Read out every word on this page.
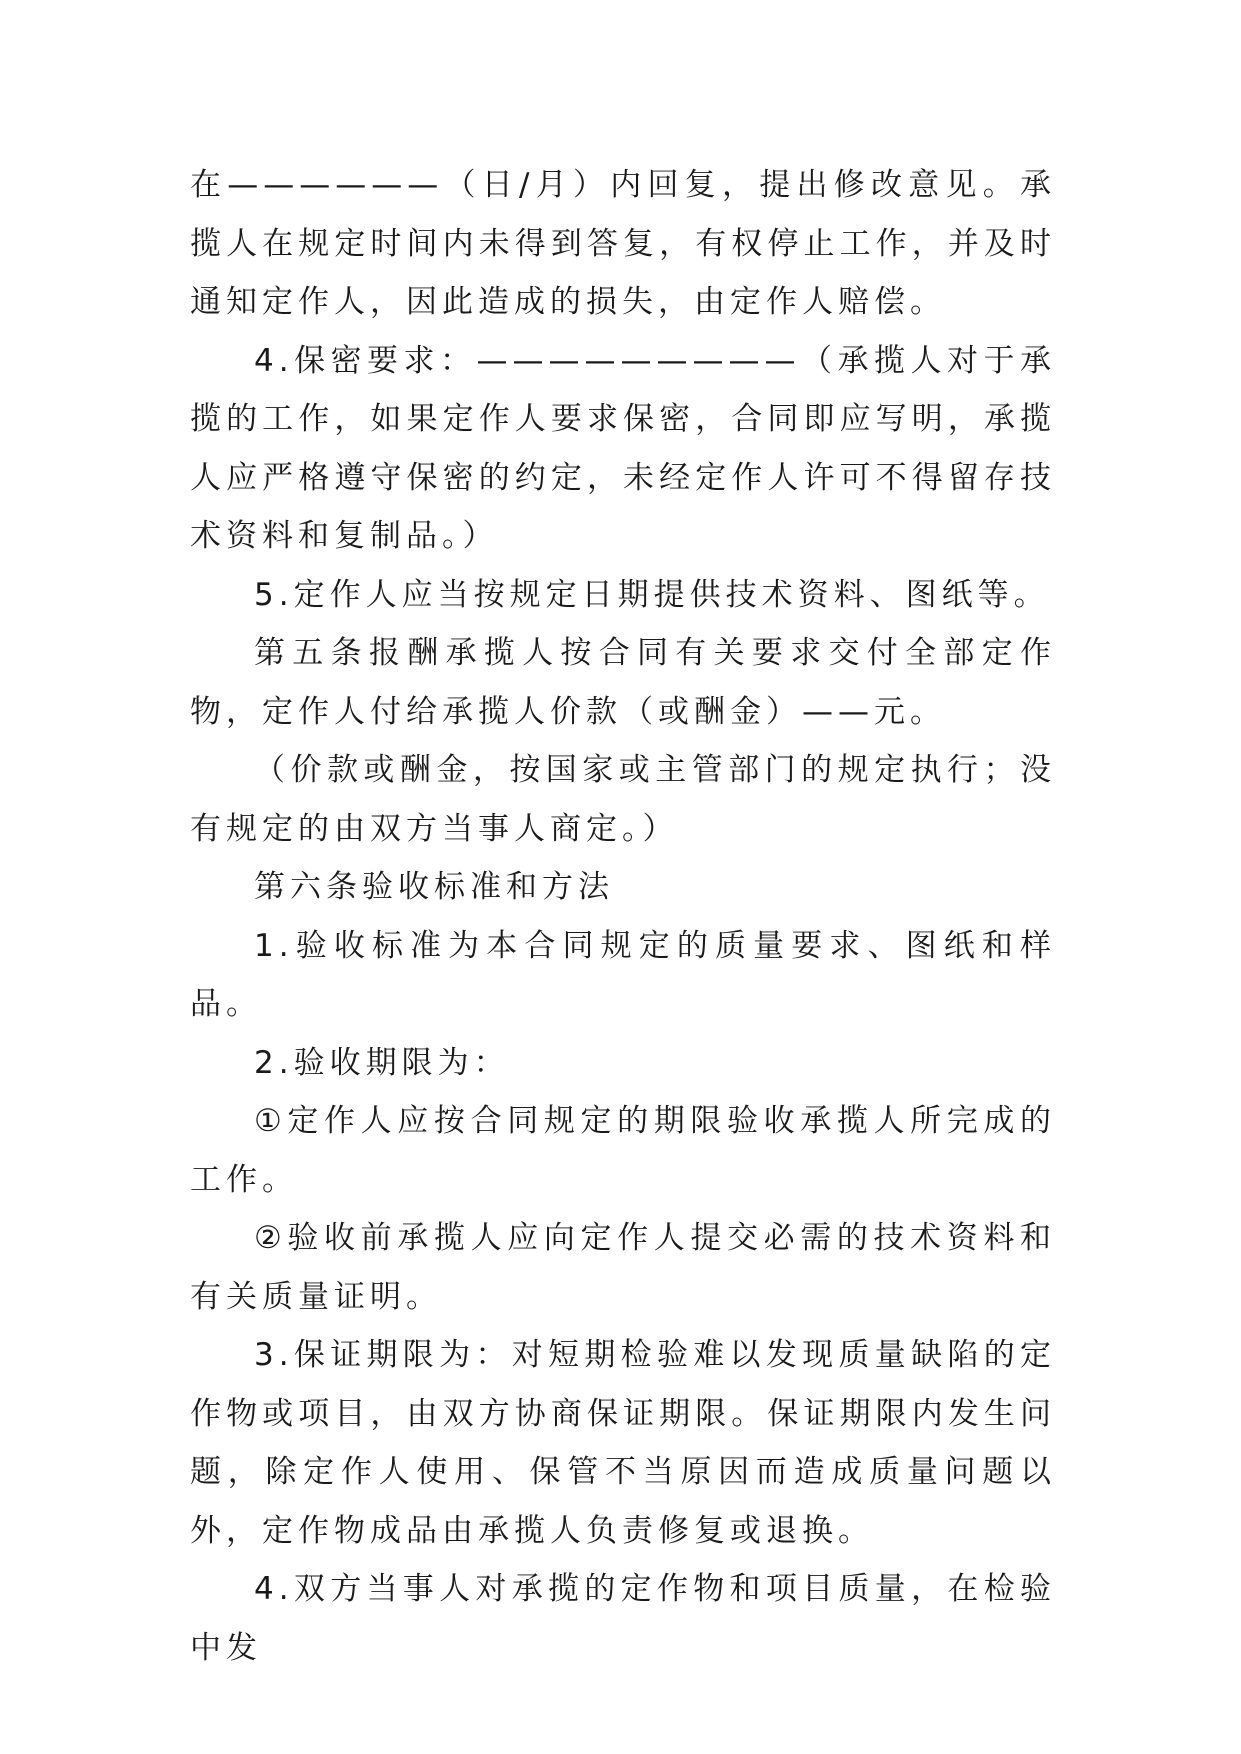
在——————（日/月）内回复，提出修改意见。承揽人在规定时间内未得到答复，有权停止工作，并及时通知定作人，因此造成的损失，由定作人赔偿。

4.保密要求：—————————（承揽人对于承揽的工作，如果定作人要求保密，合同即应写明，承揽人应严格遵守保密的约定，未经定作人许可不得留存技术资料和复制品。）

5.定作人应当按规定日期提供技术资料、图纸等。

第五条报酬承揽人按合同有关要求交付全部定作物，定作人付给承揽人价款（或酬金）——元。

（价款或酬金，按国家或主管部门的规定执行；没有规定的由双方当事人商定。）

第六条验收标准和方法

1.验收标准为本合同规定的质量要求、图纸和样品。

2.验收期限为：

①定作人应按合同规定的期限验收承揽人所完成的工作。

②验收前承揽人应向定作人提交必需的技术资料和有关质量证明。

3.保证期限为：对短期检验难以发现质量缺陷的定作物或项目，由双方协商保证期限。保证期限内发生问题，除定作人使用、保管不当原因而造成质量问题以外，定作物成品由承揽人负责修复或退换。

4.双方当事人对承揽的定作物和项目质量，在检验中发
